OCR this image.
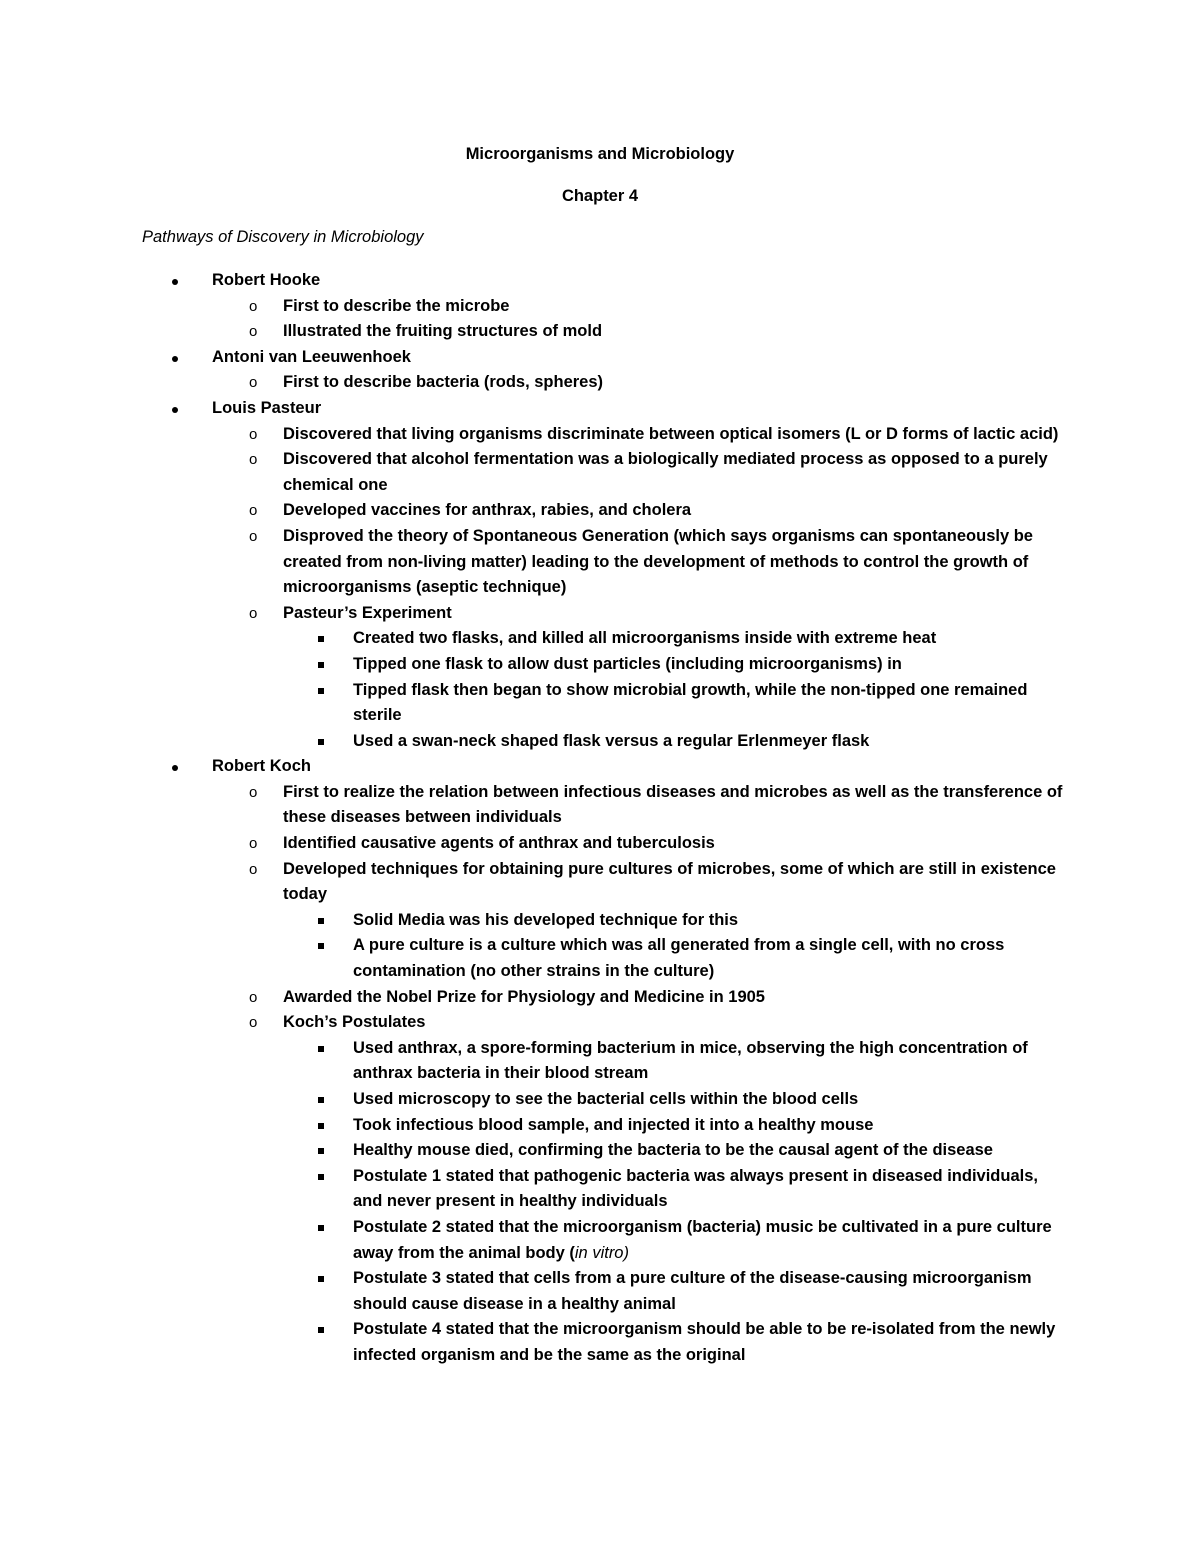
Microorganisms and Microbiology
Chapter 4
Pathways of Discovery in Microbiology
Robert Hooke
o First to describe the microbe
o Illustrated the fruiting structures of mold
Antoni van Leeuwenhoek
o First to describe bacteria (rods, spheres)
Louis Pasteur
o Discovered that living organisms discriminate between optical isomers (L or D forms of lactic acid)
o Discovered that alcohol fermentation was a biologically mediated process as opposed to a purely chemical one
o Developed vaccines for anthrax, rabies, and cholera
o Disproved the theory of Spontaneous Generation (which says organisms can spontaneously be created from non-living matter) leading to the development of methods to control the growth of microorganisms (aseptic technique)
o Pasteur’s Experiment
Created two flasks, and killed all microorganisms inside with extreme heat
Tipped one flask to allow dust particles (including microorganisms) in
Tipped flask then began to show microbial growth, while the non-tipped one remained sterile
Used a swan-neck shaped flask versus a regular Erlenmeyer flask
Robert Koch
o First to realize the relation between infectious diseases and microbes as well as the transference of these diseases between individuals
o Identified causative agents of anthrax and tuberculosis
o Developed techniques for obtaining pure cultures of microbes, some of which are still in existence today
Solid Media was his developed technique for this
A pure culture is a culture which was all generated from a single cell, with no cross contamination (no other strains in the culture)
o Awarded the Nobel Prize for Physiology and Medicine in 1905
o Koch’s Postulates
Used anthrax, a spore-forming bacterium in mice, observing the high concentration of anthrax bacteria in their blood stream
Used microscopy to see the bacterial cells within the blood cells
Took infectious blood sample, and injected it into a healthy mouse
Healthy mouse died, confirming the bacteria to be the causal agent of the disease
Postulate 1 stated that pathogenic bacteria was always present in diseased individuals, and never present in healthy individuals
Postulate 2 stated that the microorganism (bacteria) music be cultivated in a pure culture away from the animal body (in vitro)
Postulate 3 stated that cells from a pure culture of the disease-causing microorganism should cause disease in a healthy animal
Postulate 4 stated that the microorganism should be able to be re-isolated from the newly infected organism and be the same as the original
